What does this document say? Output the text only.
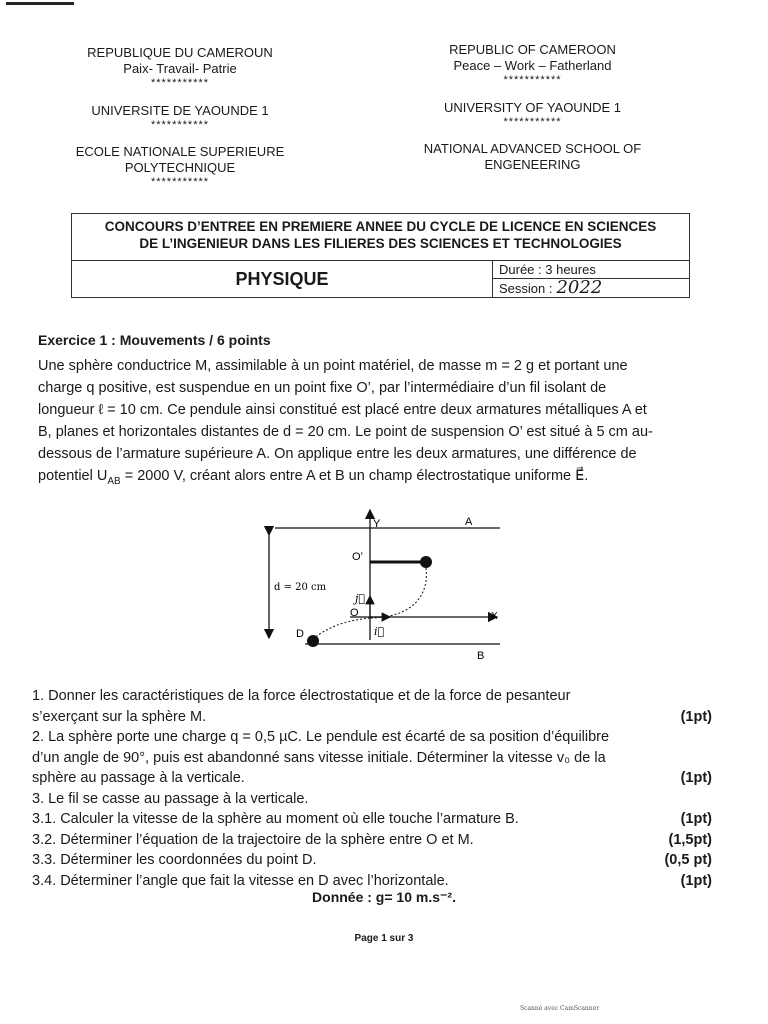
REPUBLIQUE DU CAMEROUN
Paix- Travail- Patrie
***********
UNIVERSITE DE YAOUNDE 1
***********
ECOLE NATIONALE SUPERIEURE
POLYTECHNIQUE
***********
REPUBLIC OF CAMEROON
Peace – Work – Fatherland
***********
UNIVERSITY OF YAOUNDE 1
***********
NATIONAL ADVANCED SCHOOL OF
ENGENEERING
CONCOURS D’ENTREE EN PREMIERE ANNEE DU CYCLE DE LICENCE EN SCIENCES
DE L’INGENIEUR DANS LES FILIERES DES SCIENCES ET TECHNOLOGIES
PHYSIQUE	Durée : 3 heures
Session : 2022
Exercice 1 : Mouvements / 6 points
Une sphère conductrice M, assimilable à un point matériel, de masse m = 2 g et portant une
charge q positive, est suspendue en un point fixe O’, par l’intermédiaire d’un fil isolant de
longueur ℓ = 10 cm. Ce pendule ainsi constitué est placé entre deux armatures métalliques A et
B, planes et horizontales distantes de d = 20 cm. Le point de suspension O’ est situé à 5 cm au-
dessous de l’armature supérieure A. On applique entre les deux armatures, une différence de
potentiel $U_{AB} = 2000$ V, créant alors entre A et B un champ électrostatique uniforme E⃗.
Y	A
B
X
O’
O
D
d = 20 cm
j⃗
i⃗
1. Donner les caractéristiques de la force électrostatique et de la force de pesanteur
s’exerçant sur la sphère M.	(1pt)
2. La sphère porte une charge q = 0,5 µC. Le pendule est écarté de sa position d’équilibre
d’un angle de 90°, puis est abandonné sans vitesse initiale. Déterminer la vitesse v₀ de la
sphère au passage à la verticale.	(1pt)
3. Le fil se casse au passage à la verticale.
3.1. Calculer la vitesse de la sphère au moment où elle touche l’armature B.	(1pt)
3.2. Déterminer l’équation de la trajectoire de la sphère entre O et M.	(1,5pt)
3.3. Déterminer les coordonnées du point D.	(0,5 pt)
3.4. Déterminer l’angle que fait la vitesse en D avec l’horizontale.	(1pt)
Donnée : g= 10 m.s⁻².
Page 1 sur 3
Scanné avec CamScanner
